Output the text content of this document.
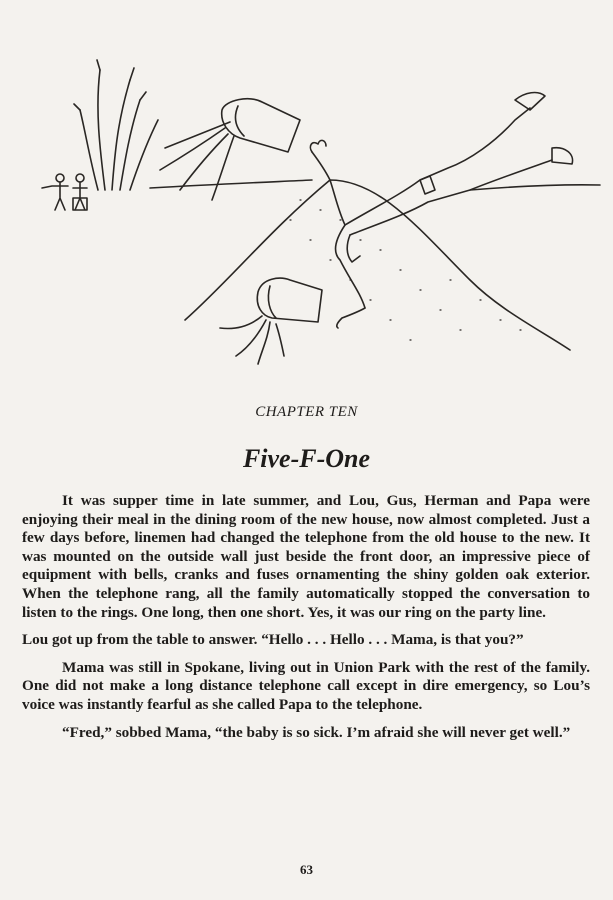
CHAPTER TEN
Five-F-One

It was supper time in late summer, and Lou, Gus, Herman and Papa were enjoying their meal in the dining room of the new house, now almost completed. Just a few days before, linemen had changed the telephone from the old house to the new. It was mounted on the outside wall just beside the front door, an impressive piece of equipment with bells, cranks and fuses ornamenting the shiny golden oak exterior. When the telephone rang, all the family automatically stopped the conversation to listen to the rings. One long, then one short. Yes, it was our ring on the party line.

Lou got up from the table to answer. “Hello . . . Hello . . . Mama, is that you?”

Mama was still in Spokane, living out in Union Park with the rest of the family. One did not make a long distance telephone call except in dire emergency, so Lou’s voice was instantly fearful as she called Papa to the telephone.

“Fred,” sobbed Mama, “the baby is so sick. I’m afraid she will never get well.”

63
